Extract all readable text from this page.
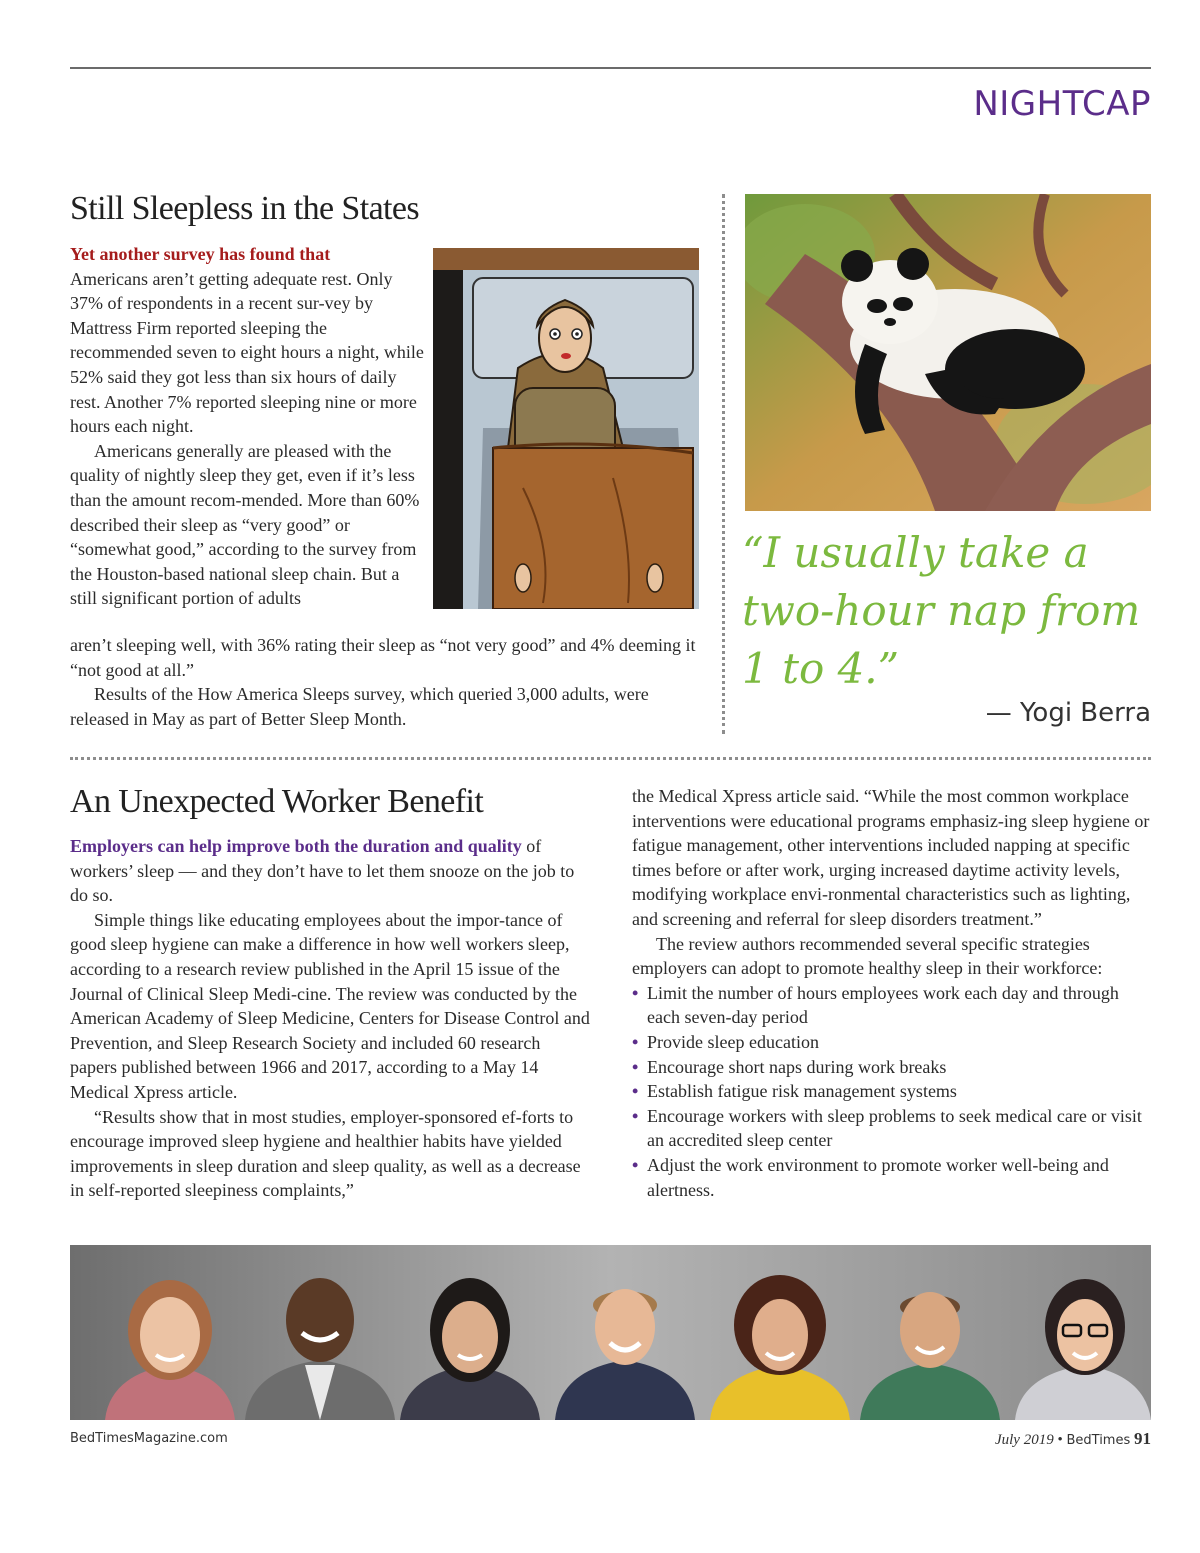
NIGHTCAP
Still Sleepless in the States

Yet another survey has found that
Americans aren’t getting adequate rest. Only 37% of respondents in a recent sur-vey by Mattress Firm reported sleeping the recommended seven to eight hours a night, while 52% said they got less than six hours of daily rest. Another 7% reported sleeping nine or more hours each night.

Americans generally are pleased with the quality of nightly sleep they get, even if it’s less than the amount recom-mended. More than 60% described their sleep as “very good” or “somewhat good,” according to the survey from the Houston-based national sleep chain. But a still significant portion of adults

aren’t sleeping well, with 36% rating their sleep as “not very good” and 4% deeming it “not good at all.”

Results of the How America Sleeps survey, which queried 3,000 adults, were released in May as part of Better Sleep Month.

“I usually take a two-hour nap from 1 to 4.”
— Yogi Berra
An Unexpected Worker Benefit

Employers can help improve both the duration and quality of workers’ sleep — and they don’t have to let them snooze on the job to do so.

Simple things like educating employees about the impor-tance of good sleep hygiene can make a difference in how well workers sleep, according to a research review published in the April 15 issue of the Journal of Clinical Sleep Medi-cine. The review was conducted by the American Academy of Sleep Medicine, Centers for Disease Control and Prevention, and Sleep Research Society and included 60 research papers published between 1966 and 2017, according to a May 14 Medical Xpress article.

“Results show that in most studies, employer-sponsored ef-forts to encourage improved sleep hygiene and healthier habits have yielded improvements in sleep duration and sleep quality, as well as a decrease in self-reported sleepiness complaints,”

the Medical Xpress article said. “While the most common workplace interventions were educational programs emphasiz-ing sleep hygiene or fatigue management, other interventions included napping at specific times before or after work, urging increased daytime activity levels, modifying workplace envi-ronmental characteristics such as lighting, and screening and referral for sleep disorders treatment.”

The review authors recommended several specific strategies employers can adopt to promote healthy sleep in their workforce:

• Limit the number of hours employees work each day and through each seven-day period
• Provide sleep education
• Encourage short naps during work breaks
• Establish fatigue risk management systems
• Encourage workers with sleep problems to seek medical care or visit an accredited sleep center
• Adjust the work environment to promote worker well-being and alertness.
BedTimesMagazine.com	July 2019 • BedTimes 91
